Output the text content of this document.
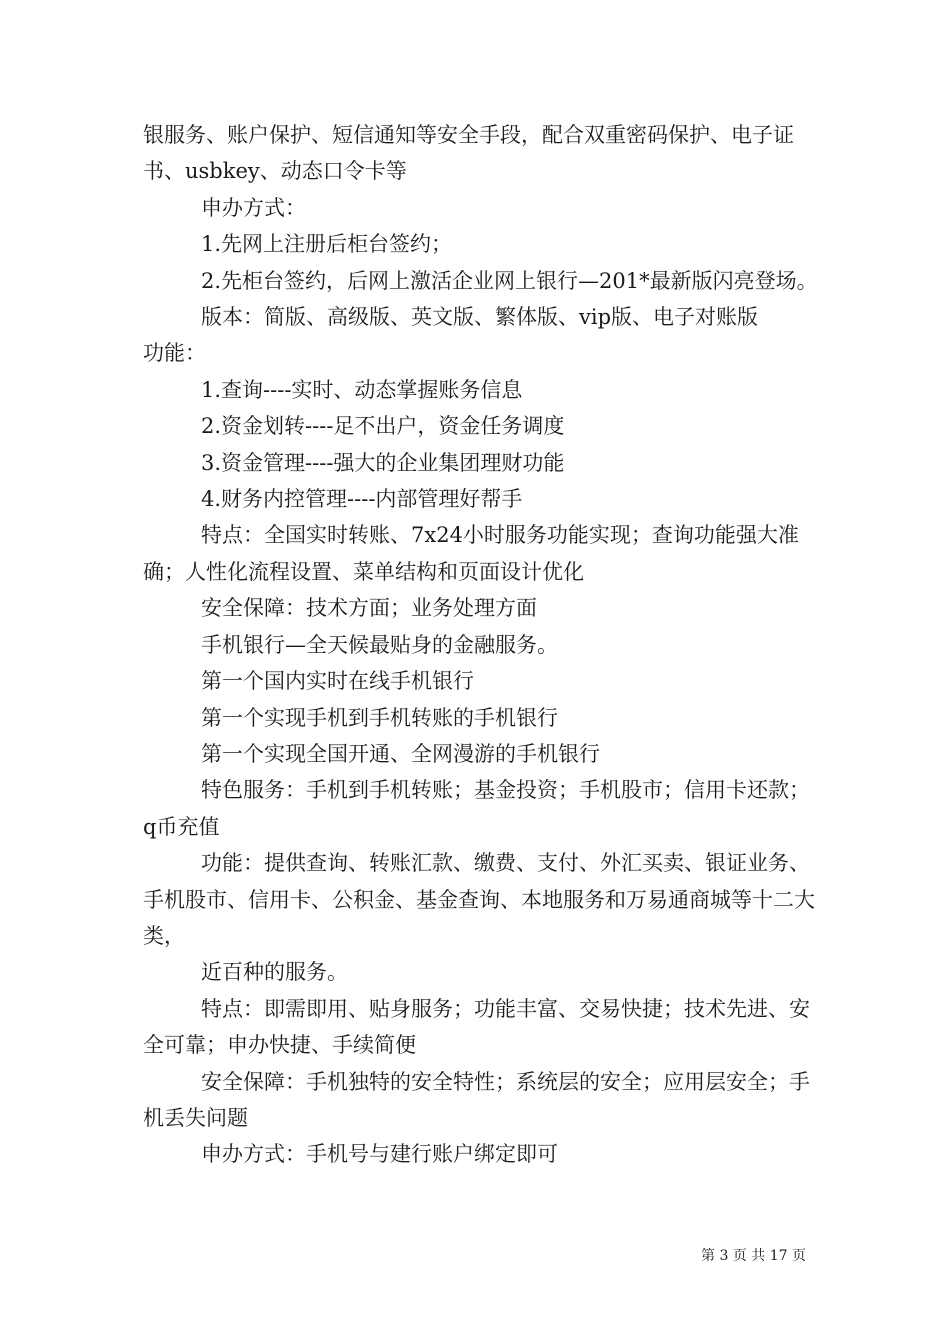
银服务、账户保护、短信通知等安全手段，配合双重密码保护、电子证书、usbkey、动态口令卡等

申办方式：

1.先网上注册后柜台签约；

2.先柜台签约，后网上激活企业网上银行—201*最新版闪亮登场。

版本：简版、高级版、英文版、繁体版、vip版、电子对账版

功能：

1.查询----实时、动态掌握账务信息

2.资金划转----足不出户，资金任务调度

3.资金管理----强大的企业集团理财功能

4.财务内控管理----内部管理好帮手

特点：全国实时转账、7x24小时服务功能实现；查询功能强大准确；人性化流程设置、菜单结构和页面设计优化

安全保障：技术方面；业务处理方面

手机银行—全天候最贴身的金融服务。

第一个国内实时在线手机银行

第一个实现手机到手机转账的手机银行

第一个实现全国开通、全网漫游的手机银行

特色服务：手机到手机转账；基金投资；手机股市；信用卡还款；q币充值

功能：提供查询、转账汇款、缴费、支付、外汇买卖、银证业务、手机股市、信用卡、公积金、基金查询、本地服务和万易通商城等十二大类，

近百种的服务。

特点：即需即用、贴身服务；功能丰富、交易快捷；技术先进、安全可靠；申办快捷、手续简便

安全保障：手机独特的安全特性；系统层的安全；应用层安全；手机丢失问题

申办方式：手机号与建行账户绑定即可

第 3 页 共 17 页
